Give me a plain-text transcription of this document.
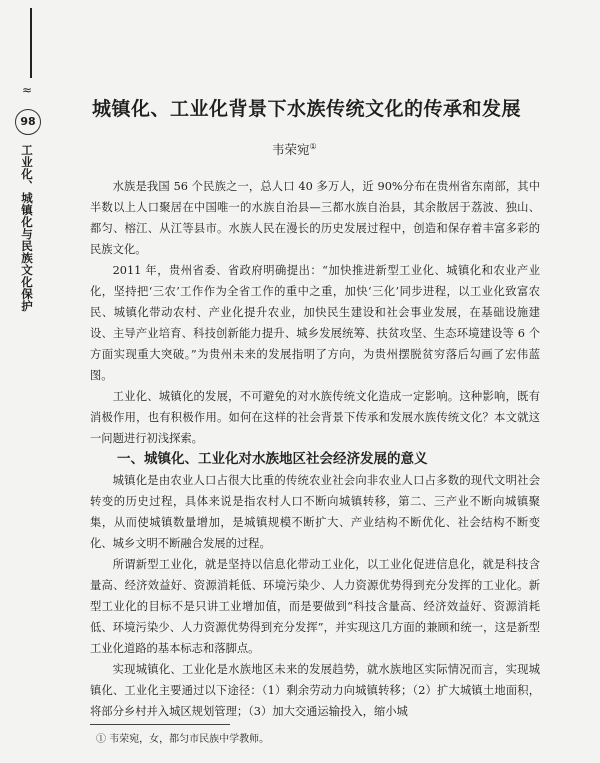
≈
98
工业化、城镇化与民族文化保护
城镇化、工业化背景下水族传统文化的传承和发展
韦荣宛①

水族是我国 56 个民族之一，总人口 40 多万人，近 90%分布在贵州省东南部，其中半数以上人口聚居在中国唯一的水族自治县—三都水族自治县，其余散居于荔波、独山、都匀、榕江、从江等县市。水族人民在漫长的历史发展过程中，创造和保存着丰富多彩的民族文化。

2011 年，贵州省委、省政府明确提出：“加快推进新型工业化、城镇化和农业产业化，坚持把‘三农’工作作为全省工作的重中之重，加快‘三化’同步进程，以工业化致富农民、城镇化带动农村、产业化提升农业，加快民生建设和社会事业发展，在基础设施建设、主导产业培育、科技创新能力提升、城乡发展统筹、扶贫攻坚、生态环境建设等 6 个方面实现重大突破。”为贵州未来的发展指明了方向，为贵州摆脱贫穷落后勾画了宏伟蓝图。

工业化、城镇化的发展，不可避免的对水族传统文化造成一定影响。这种影响，既有消极作用，也有积极作用。如何在这样的社会背景下传承和发展水族传统文化？本文就这一问题进行初浅探索。

一、城镇化、工业化对水族地区社会经济发展的意义

城镇化是由农业人口占很大比重的传统农业社会向非农业人口占多数的现代文明社会转变的历史过程，具体来说是指农村人口不断向城镇转移，第二、三产业不断向城镇聚集，从而使城镇数量增加，是城镇规模不断扩大、产业结构不断优化、社会结构不断变化、城乡文明不断融合发展的过程。

所谓新型工业化，就是坚持以信息化带动工业化，以工业化促进信息化，就是科技含量高、经济效益好、资源消耗低、环境污染少、人力资源优势得到充分发挥的工业化。新型工业化的目标不是只讲工业增加值，而是要做到“科技含量高、经济效益好、资源消耗低、环境污染少、人力资源优势得到充分发挥”，并实现这几方面的兼顾和统一，这是新型工业化道路的基本标志和落脚点。

实现城镇化、工业化是水族地区未来的发展趋势，就水族地区实际情况而言，实现城镇化、工业化主要通过以下途径：（1）剩余劳动力向城镇转移；（2）扩大城镇土地面积，将部分乡村并入城区规划管理；（3）加大交通运输投入，缩小城

① 韦荣宛，女，都匀市民族中学教师。
